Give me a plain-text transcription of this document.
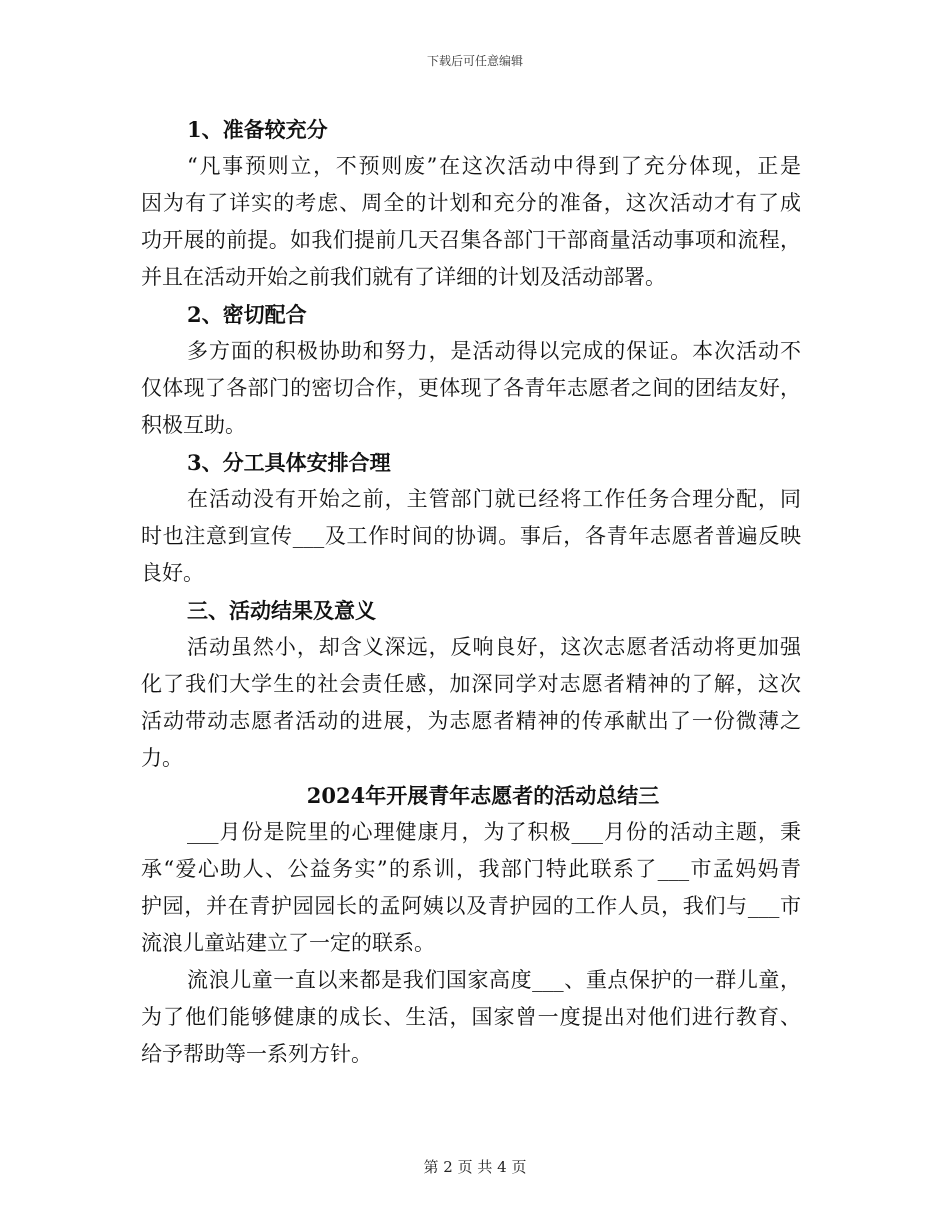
下载后可任意编辑
1、准备较充分
“凡事预则立，不预则废”在这次活动中得到了充分体现，正是
因为有了详实的考虑、周全的计划和充分的准备，这次活动才有了成
功开展的前提。如我们提前几天召集各部门干部商量活动事项和流程，
并且在活动开始之前我们就有了详细的计划及活动部署。
2、密切配合
多方面的积极协助和努力，是活动得以完成的保证。本次活动不
仅体现了各部门的密切合作，更体现了各青年志愿者之间的团结友好，
积极互助。
3、分工具体安排合理
在活动没有开始之前，主管部门就已经将工作任务合理分配，同
时也注意到宣传___及工作时间的协调。事后，各青年志愿者普遍反映
良好。
三、活动结果及意义
活动虽然小，却含义深远，反响良好，这次志愿者活动将更加强
化了我们大学生的社会责任感，加深同学对志愿者精神的了解，这次
活动带动志愿者活动的进展，为志愿者精神的传承献出了一份微薄之
力。
2024年开展青年志愿者的活动总结三
___月份是院里的心理健康月，为了积极___月份的活动主题，秉
承“爱心助人、公益务实”的系训，我部门特此联系了___市孟妈妈青
护园，并在青护园园长的孟阿姨以及青护园的工作人员，我们与___市
流浪儿童站建立了一定的联系。
流浪儿童一直以来都是我们国家高度___、重点保护的一群儿童，
为了他们能够健康的成长、生活，国家曾一度提出对他们进行教育、
给予帮助等一系列方针。
第 2 页 共 4 页
